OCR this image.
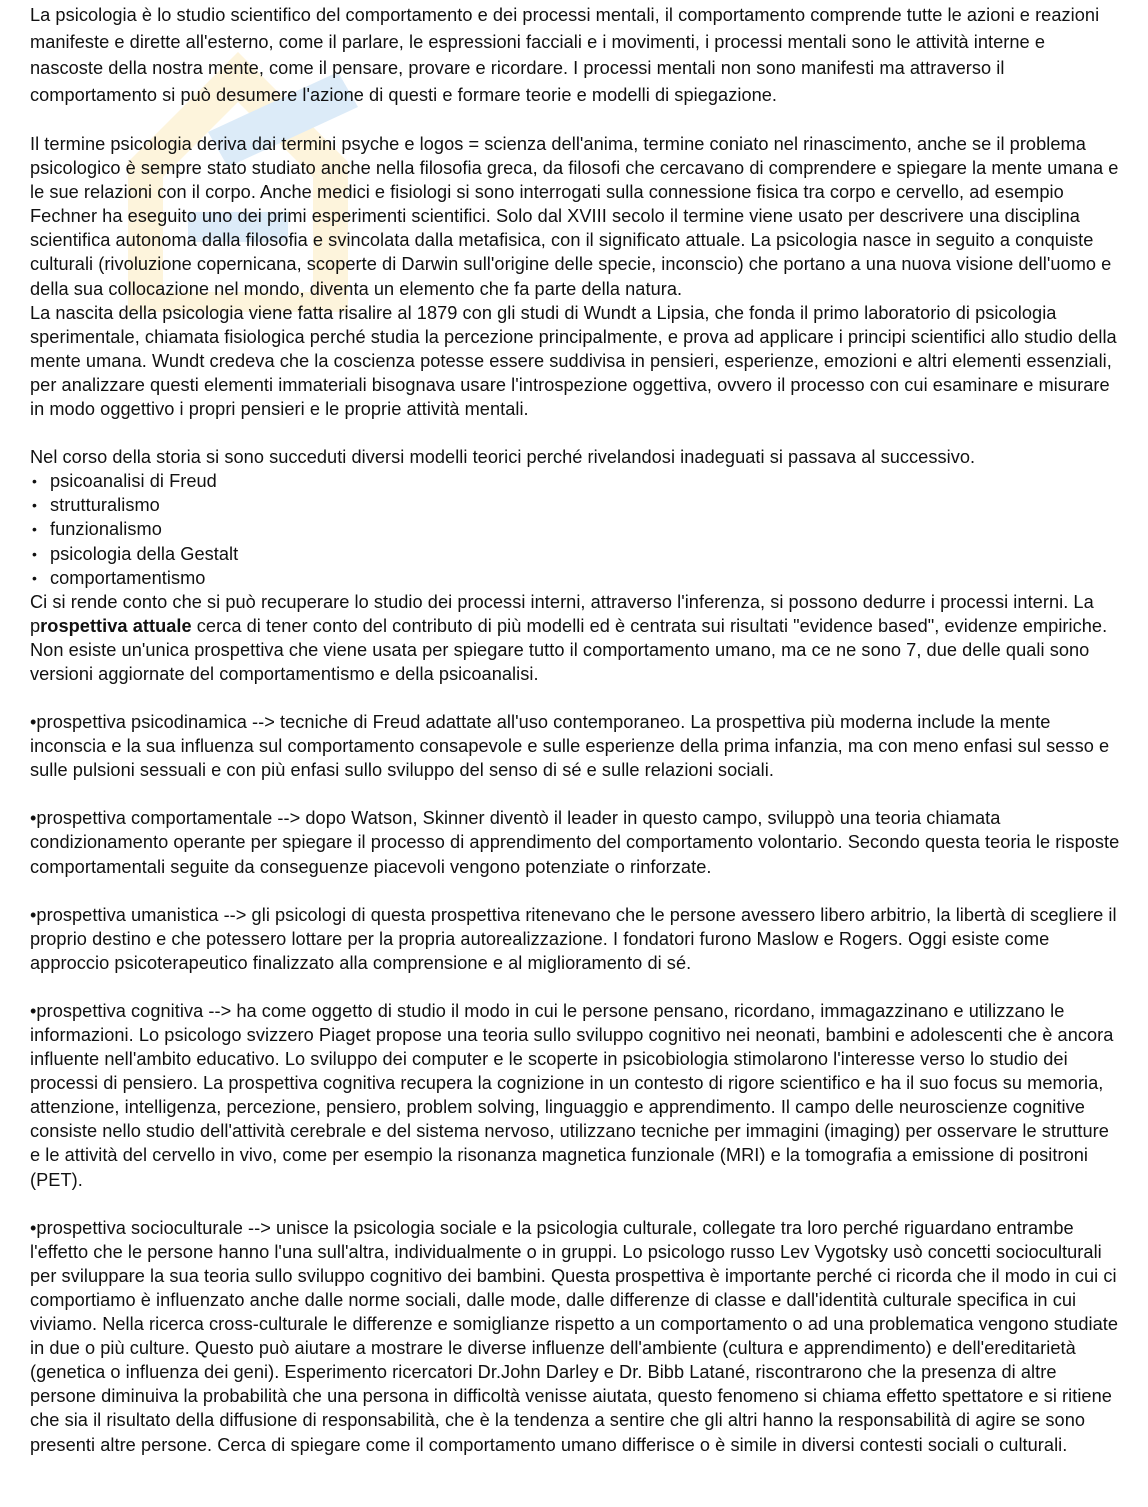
La psicologia è lo studio scientifico del comportamento e dei processi mentali, il comportamento comprende tutte le azioni e reazioni manifeste e dirette all'esterno, come il parlare, le espressioni facciali e i movimenti, i processi mentali sono le attività interne e nascoste della nostra mente, come il pensare, provare e ricordare. I processi mentali non sono manifesti ma attraverso il comportamento si può desumere l'azione di questi e formare teorie e modelli di spiegazione.

Il termine psicologia deriva dai termini psyche e logos = scienza dell'anima, termine coniato nel rinascimento, anche se il problema psicologico è sempre stato studiato anche nella filosofia greca, da filosofi che cercavano di comprendere e spiegare la mente umana e le sue relazioni con il corpo. Anche medici e fisiologi si sono interrogati sulla connessione fisica tra corpo e cervello, ad esempio Fechner ha eseguito uno dei primi esperimenti scientifici. Solo dal XVIII secolo il termine viene usato per descrivere una disciplina scientifica autonoma dalla filosofia e svincolata dalla metafisica, con il significato attuale. La psicologia nasce in seguito a conquiste culturali (rivoluzione copernicana, scoperte di Darwin sull'origine delle specie, inconscio) che portano a una nuova visione dell'uomo e della sua collocazione nel mondo, diventa un elemento che fa parte della natura.

La nascita della psicologia viene fatta risalire al 1879 con gli studi di Wundt a Lipsia, che fonda il primo laboratorio di psicologia sperimentale, chiamata fisiologica perché studia la percezione principalmente, e prova ad applicare i principi scientifici allo studio della mente umana. Wundt credeva che la coscienza potesse essere suddivisa in pensieri, esperienze, emozioni e altri elementi essenziali, per analizzare questi elementi immateriali bisognava usare l'introspezione oggettiva, ovvero il processo con cui esaminare e misurare in modo oggettivo i propri pensieri e le proprie attività mentali.

Nel corso della storia si sono succeduti diversi modelli teorici perché rivelandosi inadeguati si passava al successivo.

• psicoanalisi di Freud
• strutturalismo
• funzionalismo
• psicologia della Gestalt
• comportamentismo

Ci si rende conto che si può recuperare lo studio dei processi interni, attraverso l'inferenza, si possono dedurre i processi interni. La prospettiva attuale cerca di tener conto del contributo di più modelli ed è centrata sui risultati "evidence based", evidenze empiriche. Non esiste un'unica prospettiva che viene usata per spiegare tutto il comportamento umano, ma ce ne sono 7, due delle quali sono versioni aggiornate del comportamentismo e della psicoanalisi.

•prospettiva psicodinamica --> tecniche di Freud adattate all'uso contemporaneo. La prospettiva più moderna include la mente inconscia e la sua influenza sul comportamento consapevole e sulle esperienze della prima infanzia, ma con meno enfasi sul sesso e sulle pulsioni sessuali e con più enfasi sullo sviluppo del senso di sé e sulle relazioni sociali.

•prospettiva comportamentale --> dopo Watson, Skinner diventò il leader in questo campo, sviluppò una teoria chiamata condizionamento operante per spiegare il processo di apprendimento del comportamento volontario. Secondo questa teoria le risposte comportamentali seguite da conseguenze piacevoli vengono potenziate o rinforzate.

•prospettiva umanistica --> gli psicologi di questa prospettiva ritenevano che le persone avessero libero arbitrio, la libertà di scegliere il proprio destino e che potessero lottare per la propria autorealizzazione. I fondatori furono Maslow e Rogers. Oggi esiste come approccio psicoterapeutico finalizzato alla comprensione e al miglioramento di sé.

•prospettiva cognitiva --> ha come oggetto di studio il modo in cui le persone pensano, ricordano, immagazzinano e utilizzano le informazioni. Lo psicologo svizzero Piaget propose una teoria sullo sviluppo cognitivo nei neonati, bambini e adolescenti che è ancora influente nell'ambito educativo. Lo sviluppo dei computer e le scoperte in psicobiologia stimolarono l'interesse verso lo studio dei processi di pensiero. La prospettiva cognitiva recupera la cognizione in un contesto di rigore scientifico e ha il suo focus su memoria, attenzione, intelligenza, percezione, pensiero, problem solving, linguaggio e apprendimento. Il campo delle neuroscienze cognitive consiste nello studio dell'attività cerebrale e del sistema nervoso, utilizzano tecniche per immagini (imaging) per osservare le strutture e le attività del cervello in vivo, come per esempio la risonanza magnetica funzionale (MRI) e la tomografia a emissione di positroni (PET).

•prospettiva socioculturale --> unisce la psicologia sociale e la psicologia culturale, collegate tra loro perché riguardano entrambe l'effetto che le persone hanno l'una sull'altra, individualmente o in gruppi. Lo psicologo russo Lev Vygotsky usò concetti socioculturali per sviluppare la sua teoria sullo sviluppo cognitivo dei bambini. Questa prospettiva è importante perché ci ricorda che il modo in cui ci comportiamo è influenzato anche dalle norme sociali, dalle mode, dalle differenze di classe e dall'identità culturale specifica in cui viviamo. Nella ricerca cross-culturale le differenze e somiglianze rispetto a un comportamento o ad una problematica vengono studiate in due o più culture. Questo può aiutare a mostrare le diverse influenze dell'ambiente (cultura e apprendimento) e dell'ereditarietà (genetica o influenza dei geni). Esperimento ricercatori Dr.John Darley e Dr. Bibb Latané, riscontrarono che la presenza di altre persone diminuiva la probabilità che una persona in difficoltà venisse aiutata, questo fenomeno si chiama effetto spettatore e si ritiene che sia il risultato della diffusione di responsabilità, che è la tendenza a sentire che gli altri hanno la responsabilità di agire se sono presenti altre persone. Cerca di spiegare come il comportamento umano differisce o è simile in diversi contesti sociali o culturali.
